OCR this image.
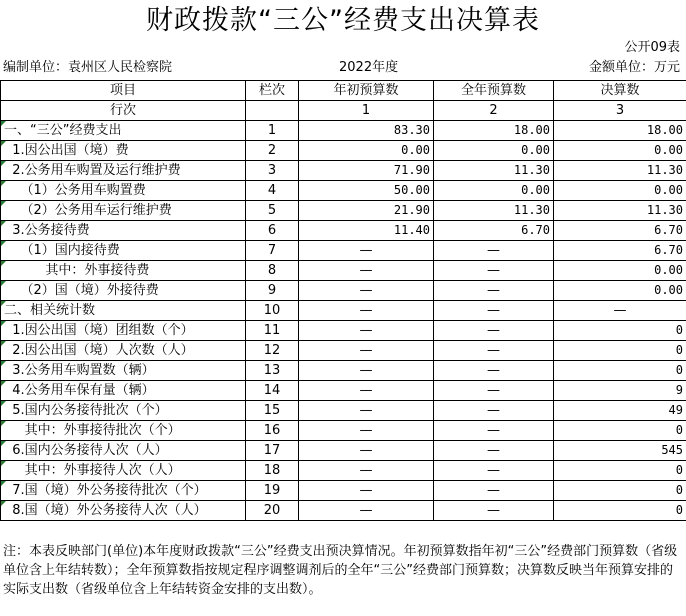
财政拨款“三公”经费支出决算表
公开09表
编制单位：袁州区人民检察院	2022年度	金额单位：万元
项目	栏次	年初预算数	全年预算数	决算数
行次		1	2	3
一、“三公”经费支出	1	83.30	18.00	18.00
1.因公出国（境）费	2	0.00	0.00	0.00
2.公务用车购置及运行维护费	3	71.90	11.30	11.30
（1）公务用车购置费	4	50.00	0.00	0.00
（2）公务用车运行维护费	5	21.90	11.30	11.30
3.公务接待费	6	11.40	6.70	6.70
（1）国内接待费	7	—	—	6.70
其中：外事接待费	8	—	—	0.00
（2）国（境）外接待费	9	—	—	0.00
二、相关统计数	10	—	—	—
1.因公出国（境）团组数（个）	11	—	—	0
2.因公出国（境）人次数（人）	12	—	—	0
3.公务用车购置数（辆）	13	—	—	0
4.公务用车保有量（辆）	14	—	—	9
5.国内公务接待批次（个）	15	—	—	49
其中：外事接待批次（个）	16	—	—	0
6.国内公务接待人次（人）	17	—	—	545
其中：外事接待人次（人）	18	—	—	0
7.国（境）外公务接待批次（个）	19	—	—	0
8.国（境）外公务接待人次（人）	20	—	—	0
注：本表反映部门(单位)本年度财政拨款“三公”经费支出预决算情况。年初预算数指年初“三公”经费部门预算数（省级单位含上年结转数）；全年预算数指按规定程序调整调剂后的全年“三公”经费部门预算数；决算数反映当年预算安排的实际支出数（省级单位含上年结转资金安排的支出数）。
